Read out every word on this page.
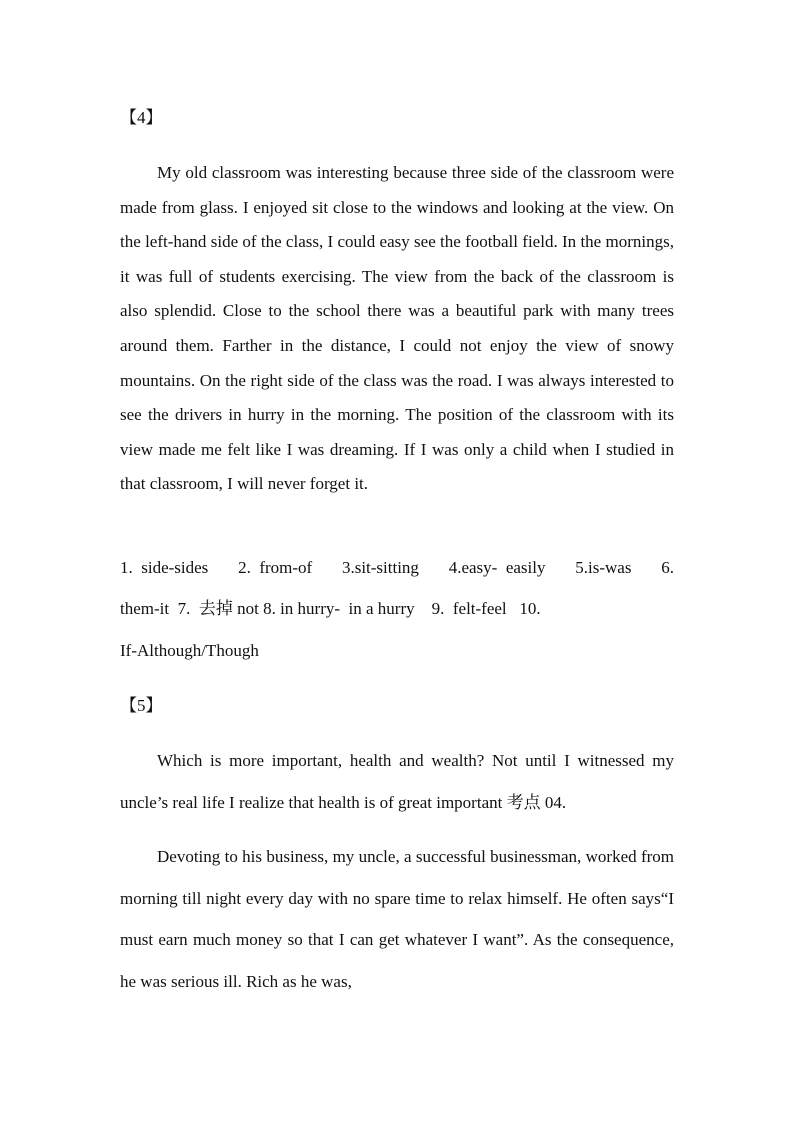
【4】
My old classroom was interesting because three side of the classroom were made from glass. I enjoyed sit close to the windows and looking at the view. On the left-hand side of the class, I could easy see the football field. In the mornings, it was full of students exercising. The view from the back of the classroom is also splendid. Close to the school there was a beautiful park with many trees around them. Farther in the distance, I could not enjoy the view of snowy mountains. On the right side of the class was the road. I was always interested to see the drivers in hurry in the morning. The position of the classroom with its view made me felt like I was dreaming. If I was only a child when I studied in that classroom, I will never forget it.
1.  side-sides 2.  from-of 3.sit-sitting 4.easy-  easily 5.is-was 6.
them-it  7.  去掉 not 8. in hurry-  in a hurry    9.  felt-feel   10.
If-Although/Though
【5】
Which is more important, health and wealth? Not until I witnessed my uncle’s real life I realize that health is of great important 考点 04.
Devoting to his business, my uncle, a successful businessman, worked from morning till night every day with no spare time to relax himself. He often says“I must earn much money so that I can get whatever I want”. As the consequence, he was serious ill. Rich as he was,
